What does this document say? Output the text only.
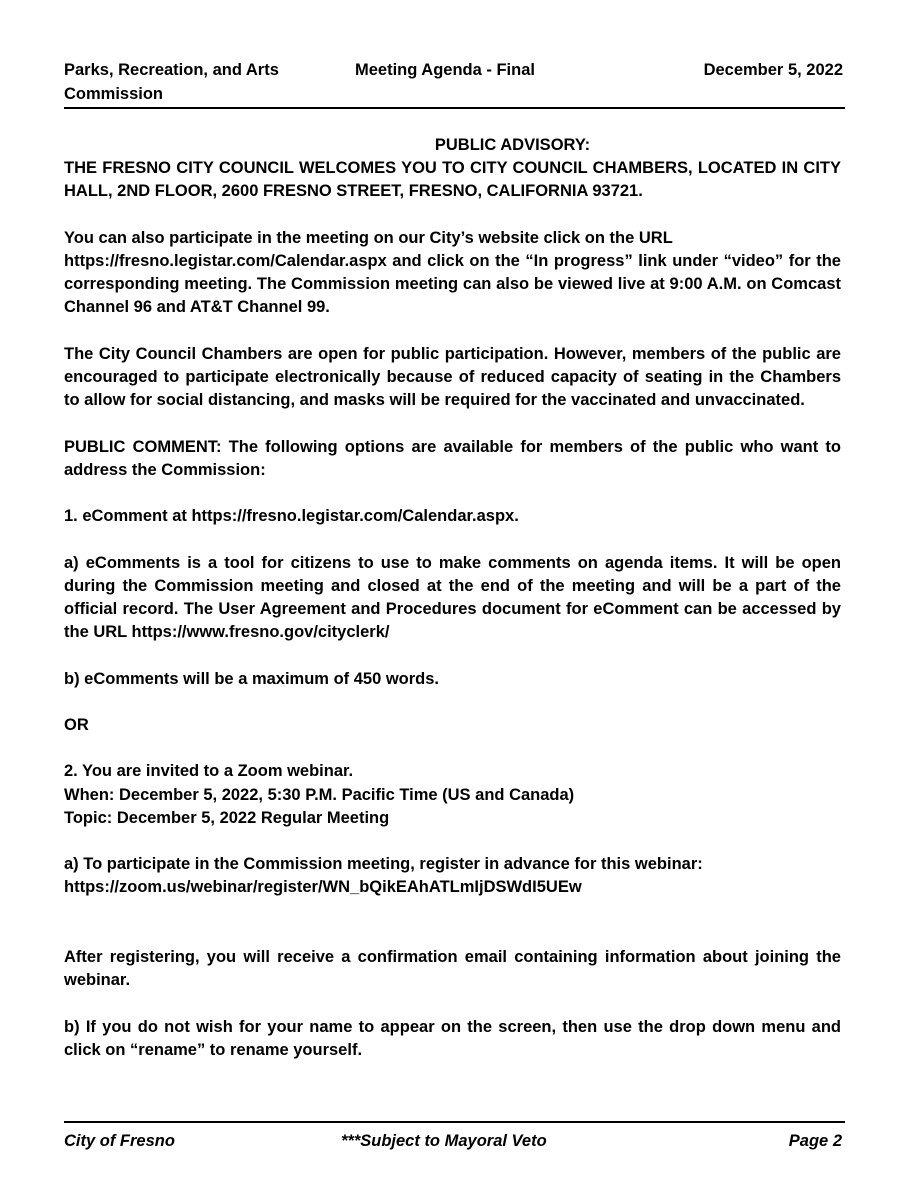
Parks, Recreation, and Arts Commission
Meeting Agenda - Final	December 5, 2022

PUBLIC ADVISORY:

THE FRESNO CITY COUNCIL WELCOMES YOU TO CITY COUNCIL CHAMBERS, LOCATED IN CITY HALL, 2ND FLOOR, 2600 FRESNO STREET, FRESNO, CALIFORNIA 93721.

You can also participate in the meeting on our City’s website click on the URL

https://fresno.legistar.com/Calendar.aspx and click on the “In progress” link under “video” for the corresponding meeting. The Commission meeting can also be viewed live at 9:00 A.M. on Comcast Channel 96 and AT&T Channel 99.

The City Council Chambers are open for public participation. However, members of the public are encouraged to participate electronically because of reduced capacity of seating in the Chambers to allow for social distancing, and masks will be required for the vaccinated and unvaccinated.

PUBLIC COMMENT: The following options are available for members of the public who want to address the Commission:

1. eComment at https://fresno.legistar.com/Calendar.aspx.

a) eComments is a tool for citizens to use to make comments on agenda items. It will be open during the Commission meeting and closed at the end of the meeting and will be a part of the official record. The User Agreement and Procedures document for eComment can be accessed by the URL https://www.fresno.gov/cityclerk/

b) eComments will be a maximum of 450 words.

OR

2. You are invited to a Zoom webinar.

When: December 5, 2022, 5:30 P.M. Pacific Time (US and Canada)

Topic: December 5, 2022 Regular Meeting

a) To participate in the Commission meeting, register in advance for this webinar:

https://zoom.us/webinar/register/WN_bQikEAhATLmIjDSWdI5UEw

After registering, you will receive a confirmation email containing information about joining the webinar.

b) If you do not wish for your name to appear on the screen, then use the drop down menu and click on “rename” to rename yourself.

City of Fresno	***Subject to Mayoral Veto	Page 2
